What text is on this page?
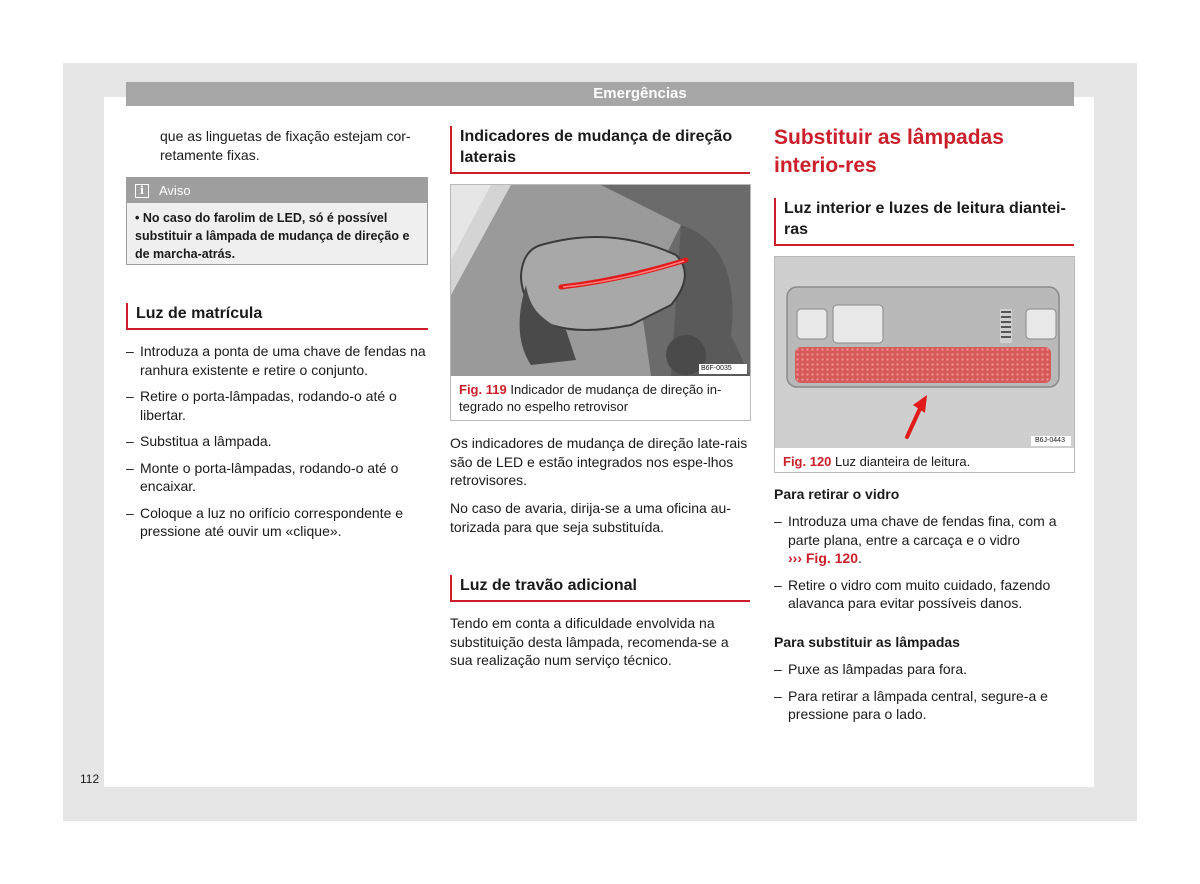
Emergências

que as linguetas de fixação estejam cor-retamente fixas.

i	Aviso
• No caso do farolim de LED, só é possível substituir a lâmpada de mudança de direção e de marcha-atrás.
Luz de matrícula
– Introduza a ponta de uma chave de fendas na ranhura existente e retire o conjunto.
– Retire o porta-lâmpadas, rodando-o até o libertar.
– Substitua a lâmpada.
– Monte o porta-lâmpadas, rodando-o até o encaixar.
– Coloque a luz no orifício correspondente e pressione até ouvir um «clique».
Indicadores de mudança de direção laterais
B6F-0035
Fig. 119 Indicador de mudança de direção in-tegrado no espelho retrovisor

Os indicadores de mudança de direção late-rais são de LED e estão integrados nos espe-lhos retrovisores.

No caso de avaria, dirija-se a uma oficina au-torizada para que seja substituída.

Luz de travão adicional

Tendo em conta a dificuldade envolvida na substituição desta lâmpada, recomenda-se a sua realização num serviço técnico.

Substituir as lâmpadas interio-res
Luz interior e luzes de leitura diantei-ras
B6J-0443
Fig. 120 Luz dianteira de leitura.
Para retirar o vidro
– Introduza uma chave de fendas fina, com a parte plana, entre a carcaça e o vidro
››› Fig. 120.
– Retire o vidro com muito cuidado, fazendo alavanca para evitar possíveis danos.
Para substituir as lâmpadas
– Puxe as lâmpadas para fora.
– Para retirar a lâmpada central, segure-a e pressione para o lado.
112
